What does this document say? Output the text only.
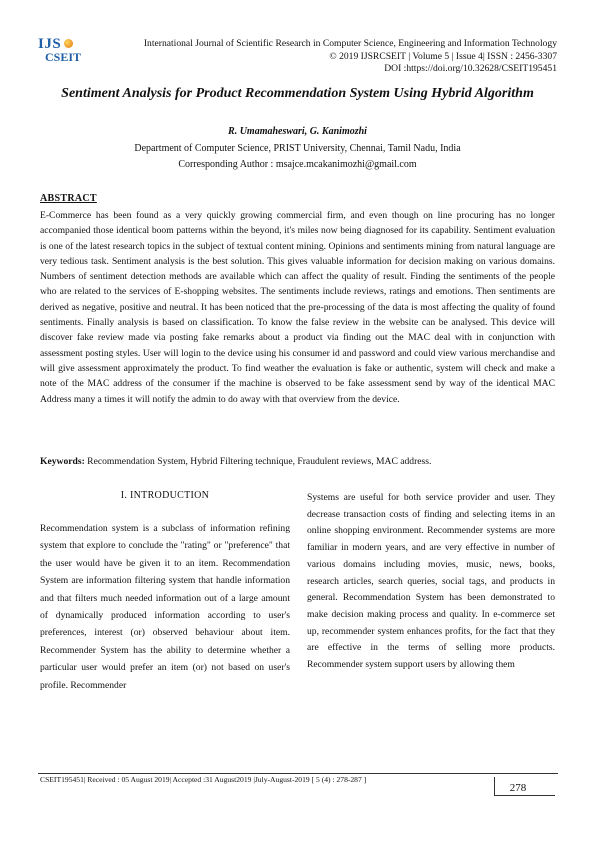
IJS
CSEIT
International Journal of Scientific Research in Computer Science, Engineering and Information Technology
© 2019 IJSRCSEIT | Volume 5 | Issue 4| ISSN : 2456-3307
DOI :https://doi.org/10.32628/CSEIT195451
Sentiment Analysis for Product Recommendation System Using Hybrid Algorithm
R. Umamaheswari, G. Kanimozhi
Department of Computer Science, PRIST University, Chennai, Tamil Nadu, India
Corresponding Author : msajce.mcakanimozhi@gmail.com
ABSTRACT
E-Commerce has been found as a very quickly growing commercial firm, and even though on line procuring has no longer accompanied those identical boom patterns within the beyond, it's miles now being diagnosed for its capability. Sentiment evaluation is one of the latest research topics in the subject of textual content mining. Opinions and sentiments mining from natural language are very tedious task. Sentiment analysis is the best solution. This gives valuable information for decision making on various domains. Numbers of sentiment detection methods are available which can affect the quality of result. Finding the sentiments of the people who are related to the services of E-shopping websites. The sentiments include reviews, ratings and emotions. Then sentiments are derived as negative, positive and neutral. It has been noticed that the pre-processing of the data is most affecting the quality of found sentiments. Finally analysis is based on classification. To know the false review in the website can be analysed. This device will discover fake review made via posting fake remarks about a product via finding out the MAC deal with in conjunction with assessment posting styles. User will login to the device using his consumer id and password and could view various merchandise and will give assessment approximately the product. To find weather the evaluation is fake or authentic, system will check and make a note of the MAC address of the consumer if the machine is observed to be fake assessment send by way of the identical MAC Address many a times it will notify the admin to do away with that overview from the device.
Keywords: Recommendation System, Hybrid Filtering technique, Fraudulent reviews, MAC address.
I. INTRODUCTION
Recommendation system is a subclass of information refining system that explore to conclude the "rating" or "preference" that the user would have be given it to an item. Recommendation System are information filtering system that handle information and that filters much needed information out of a large amount of dynamically produced information according to user's preferences, interest (or) observed behaviour about item. Recommender System has the ability to determine whether a particular user would prefer an item (or) not based on user's profile. Recommender
Systems are useful for both service provider and user. They decrease transaction costs of finding and selecting items in an online shopping environment. Recommender systems are more familiar in modern years, and are very effective in number of various domains including movies, music, news, books, research articles, search queries, social tags, and products in general. Recommendation System has been demonstrated to make decision making process and quality. In e-commerce set up, recommender system enhances profits, for the fact that they are effective in the terms of selling more products. Recommender system support users by allowing them
CSEIT195451| Received : 05 August 2019| Accepted :31 August2019 |July-August-2019 [ 5 (4) : 278-287 ]
278
